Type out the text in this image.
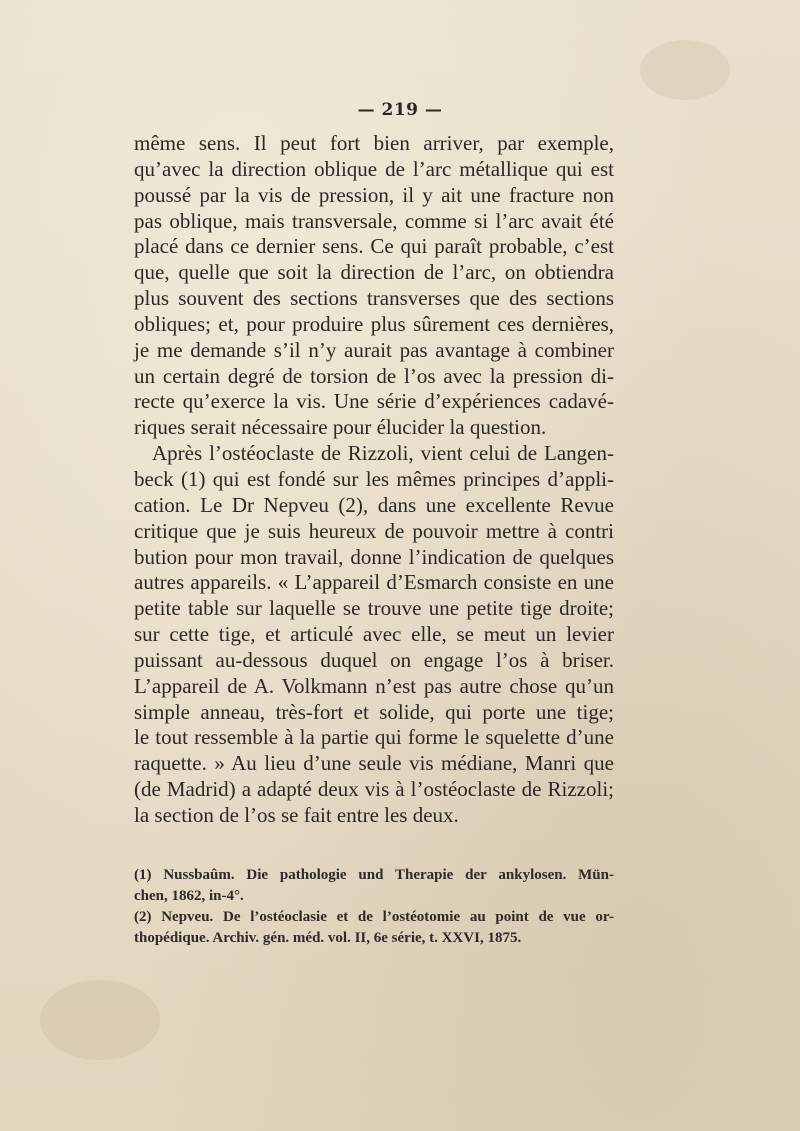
— 219 —
même sens. Il peut fort bien arriver, par exemple,
qu’avec la direction oblique de l’arc métallique qui est
poussé par la vis de pression, il y ait une fracture non
pas oblique, mais transversale, comme si l’arc avait été
placé dans ce dernier sens. Ce qui paraît probable, c’est
que, quelle que soit la direction de l’arc, on obtiendra
plus souvent des sections transverses que des sections
obliques; et, pour produire plus sûrement ces dernières,
je me demande s’il n’y aurait pas avantage à combiner
un certain degré de torsion de l’os avec la pression di-
recte qu’exerce la vis. Une série d’expériences cadavé-
riques serait nécessaire pour élucider la question.
Après l’ostéoclaste de Rizzoli, vient celui de Langen-
beck (1) qui est fondé sur les mêmes principes d’appli-
cation. Le Dr Nepveu (2), dans une excellente Revue
critique que je suis heureux de pouvoir mettre à contri
bution pour mon travail, donne l’indication de quelques
autres appareils. « L’appareil d’Esmarch consiste en une
petite table sur laquelle se trouve une petite tige droite;
sur cette tige, et articulé avec elle, se meut un levier
puissant au-dessous duquel on engage l’os à briser.
L’appareil de A. Volkmann n’est pas autre chose qu’un
simple anneau, très-fort et solide, qui porte une tige;
le tout ressemble à la partie qui forme le squelette d’une
raquette. » Au lieu d’une seule vis médiane, Manri que
(de Madrid) a adapté deux vis à l’ostéoclaste de Rizzoli;
la section de l’os se fait entre les deux.
(1) Nussbaûm. Die pathologie und Therapie der ankylosen. Mün-
chen, 1862, in-4°.
(2) Nepveu. De l’ostéoclasie et de l’ostéotomie au point de vue or-
thopédique. Archiv. gén. méd. vol. II, 6e série, t. XXVI, 1875.
